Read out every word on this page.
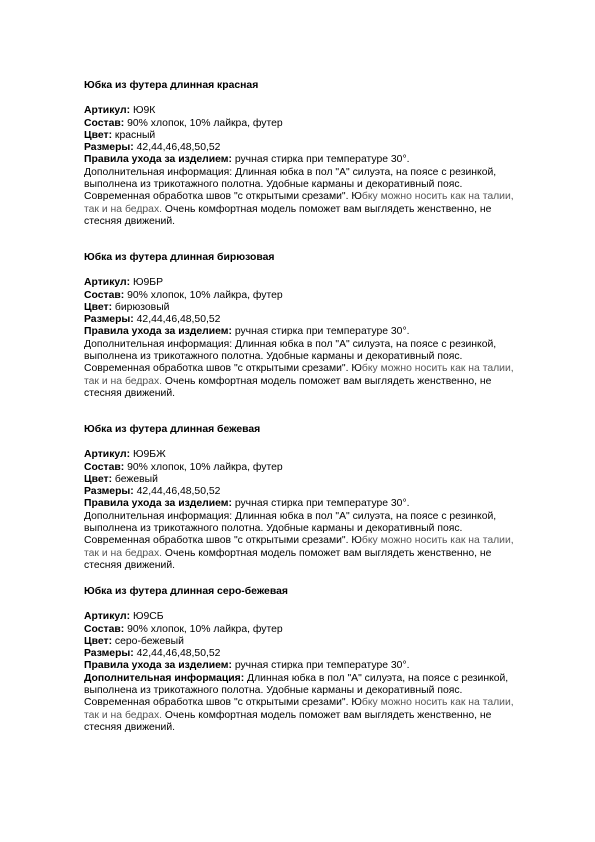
Юбка из футера длинная красная
Артикул: Ю9К
Состав: 90% хлопок, 10% лайкра, футер
Цвет: красный
Размеры: 42,44,46,48,50,52
Правила ухода за изделием: ручная стирка при температуре 30°.
Дополнительная информация: Длинная юбка в пол "А" силуэта, на поясе с резинкой,
выполнена из трикотажного полотна. Удобные карманы и декоративный пояс.
Современная обработка швов "с открытыми срезами". Юбку можно носить как на талии,
так и на бедрах. Очень комфортная модель поможет вам выглядеть женственно, не
стесняя движений.
Юбка из футера длинная бирюзовая
Артикул: Ю9БР
Состав: 90% хлопок, 10% лайкра, футер
Цвет: бирюзовый
Размеры: 42,44,46,48,50,52
Правила ухода за изделием: ручная стирка при температуре 30°.
Дополнительная информация: Длинная юбка в пол "А" силуэта, на поясе с резинкой,
выполнена из трикотажного полотна. Удобные карманы и декоративный пояс.
Современная обработка швов "с открытыми срезами". Юбку можно носить как на талии,
так и на бедрах. Очень комфортная модель поможет вам выглядеть женственно, не
стесняя движений.
Юбка из футера длинная бежевая
Артикул: Ю9БЖ
Состав: 90% хлопок, 10% лайкра, футер
Цвет: бежевый
Размеры: 42,44,46,48,50,52
Правила ухода за изделием: ручная стирка при температуре 30°.
Дополнительная информация: Длинная юбка в пол "А" силуэта, на поясе с резинкой,
выполнена из трикотажного полотна. Удобные карманы и декоративный пояс.
Современная обработка швов "с открытыми срезами". Юбку можно носить как на талии,
так и на бедрах. Очень комфортная модель поможет вам выглядеть женственно, не
стесняя движений.
Юбка из футера длинная серо-бежевая
Артикул: Ю9СБ
Состав: 90% хлопок, 10% лайкра, футер
Цвет: серо-бежевый
Размеры: 42,44,46,48,50,52
Правила ухода за изделием: ручная стирка при температуре 30°.
Дополнительная информация: Длинная юбка в пол "А" силуэта, на поясе с резинкой,
выполнена из трикотажного полотна. Удобные карманы и декоративный пояс.
Современная обработка швов "с открытыми срезами". Юбку можно носить как на талии,
так и на бедрах. Очень комфортная модель поможет вам выглядеть женственно, не
стесняя движений.
